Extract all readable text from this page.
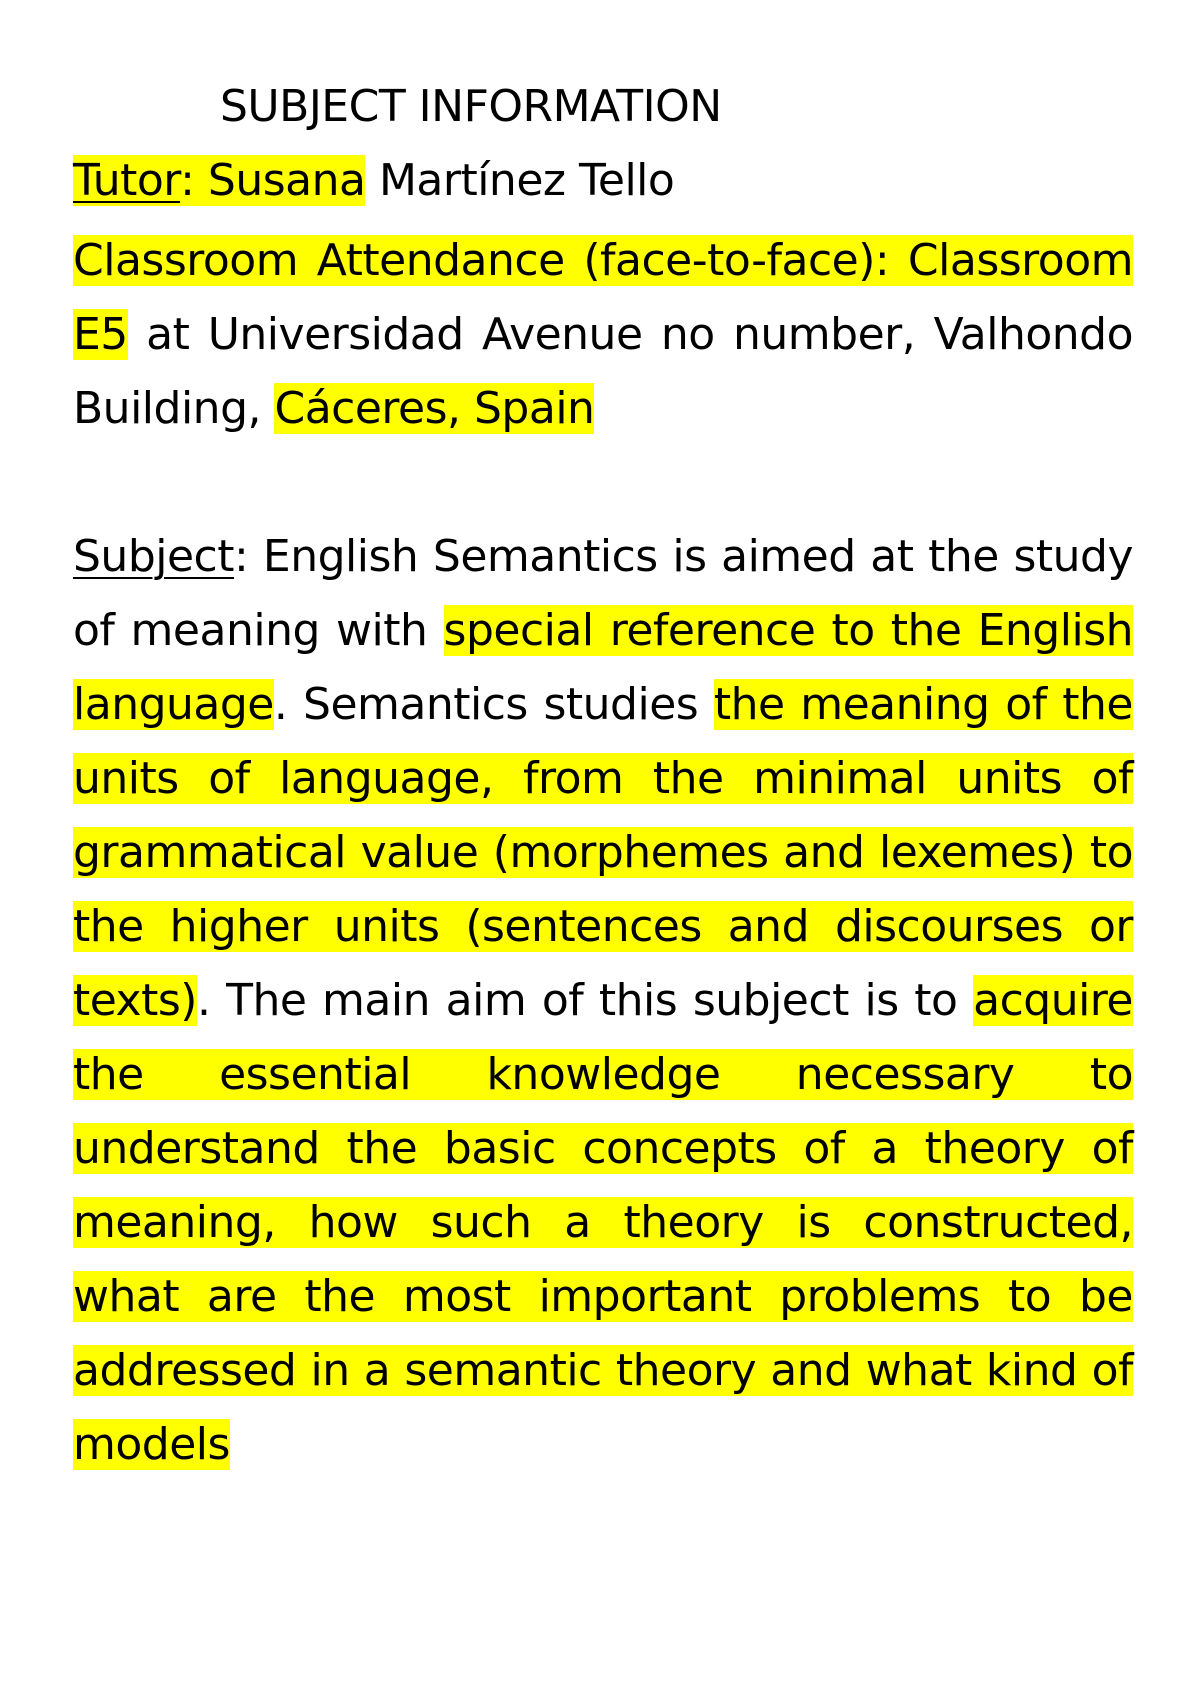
SUBJECT INFORMATION

Tutor: Susana Martínez Tello

Classroom Attendance (face-to-face): Classroom E5 at Universidad Avenue no number, Valhondo Building, Cáceres, Spain

Subject: English Semantics is aimed at the study of meaning with special reference to the English language. Semantics studies the meaning of the units of language, from the minimal units of grammatical value (morphemes and lexemes) to the higher units (sentences and discourses or texts). The main aim of this subject is to acquire the essential knowledge necessary to understand the basic concepts of a theory of meaning, how such a theory is constructed, what are the most important problems to be addressed in a semantic theory and what kind of models
